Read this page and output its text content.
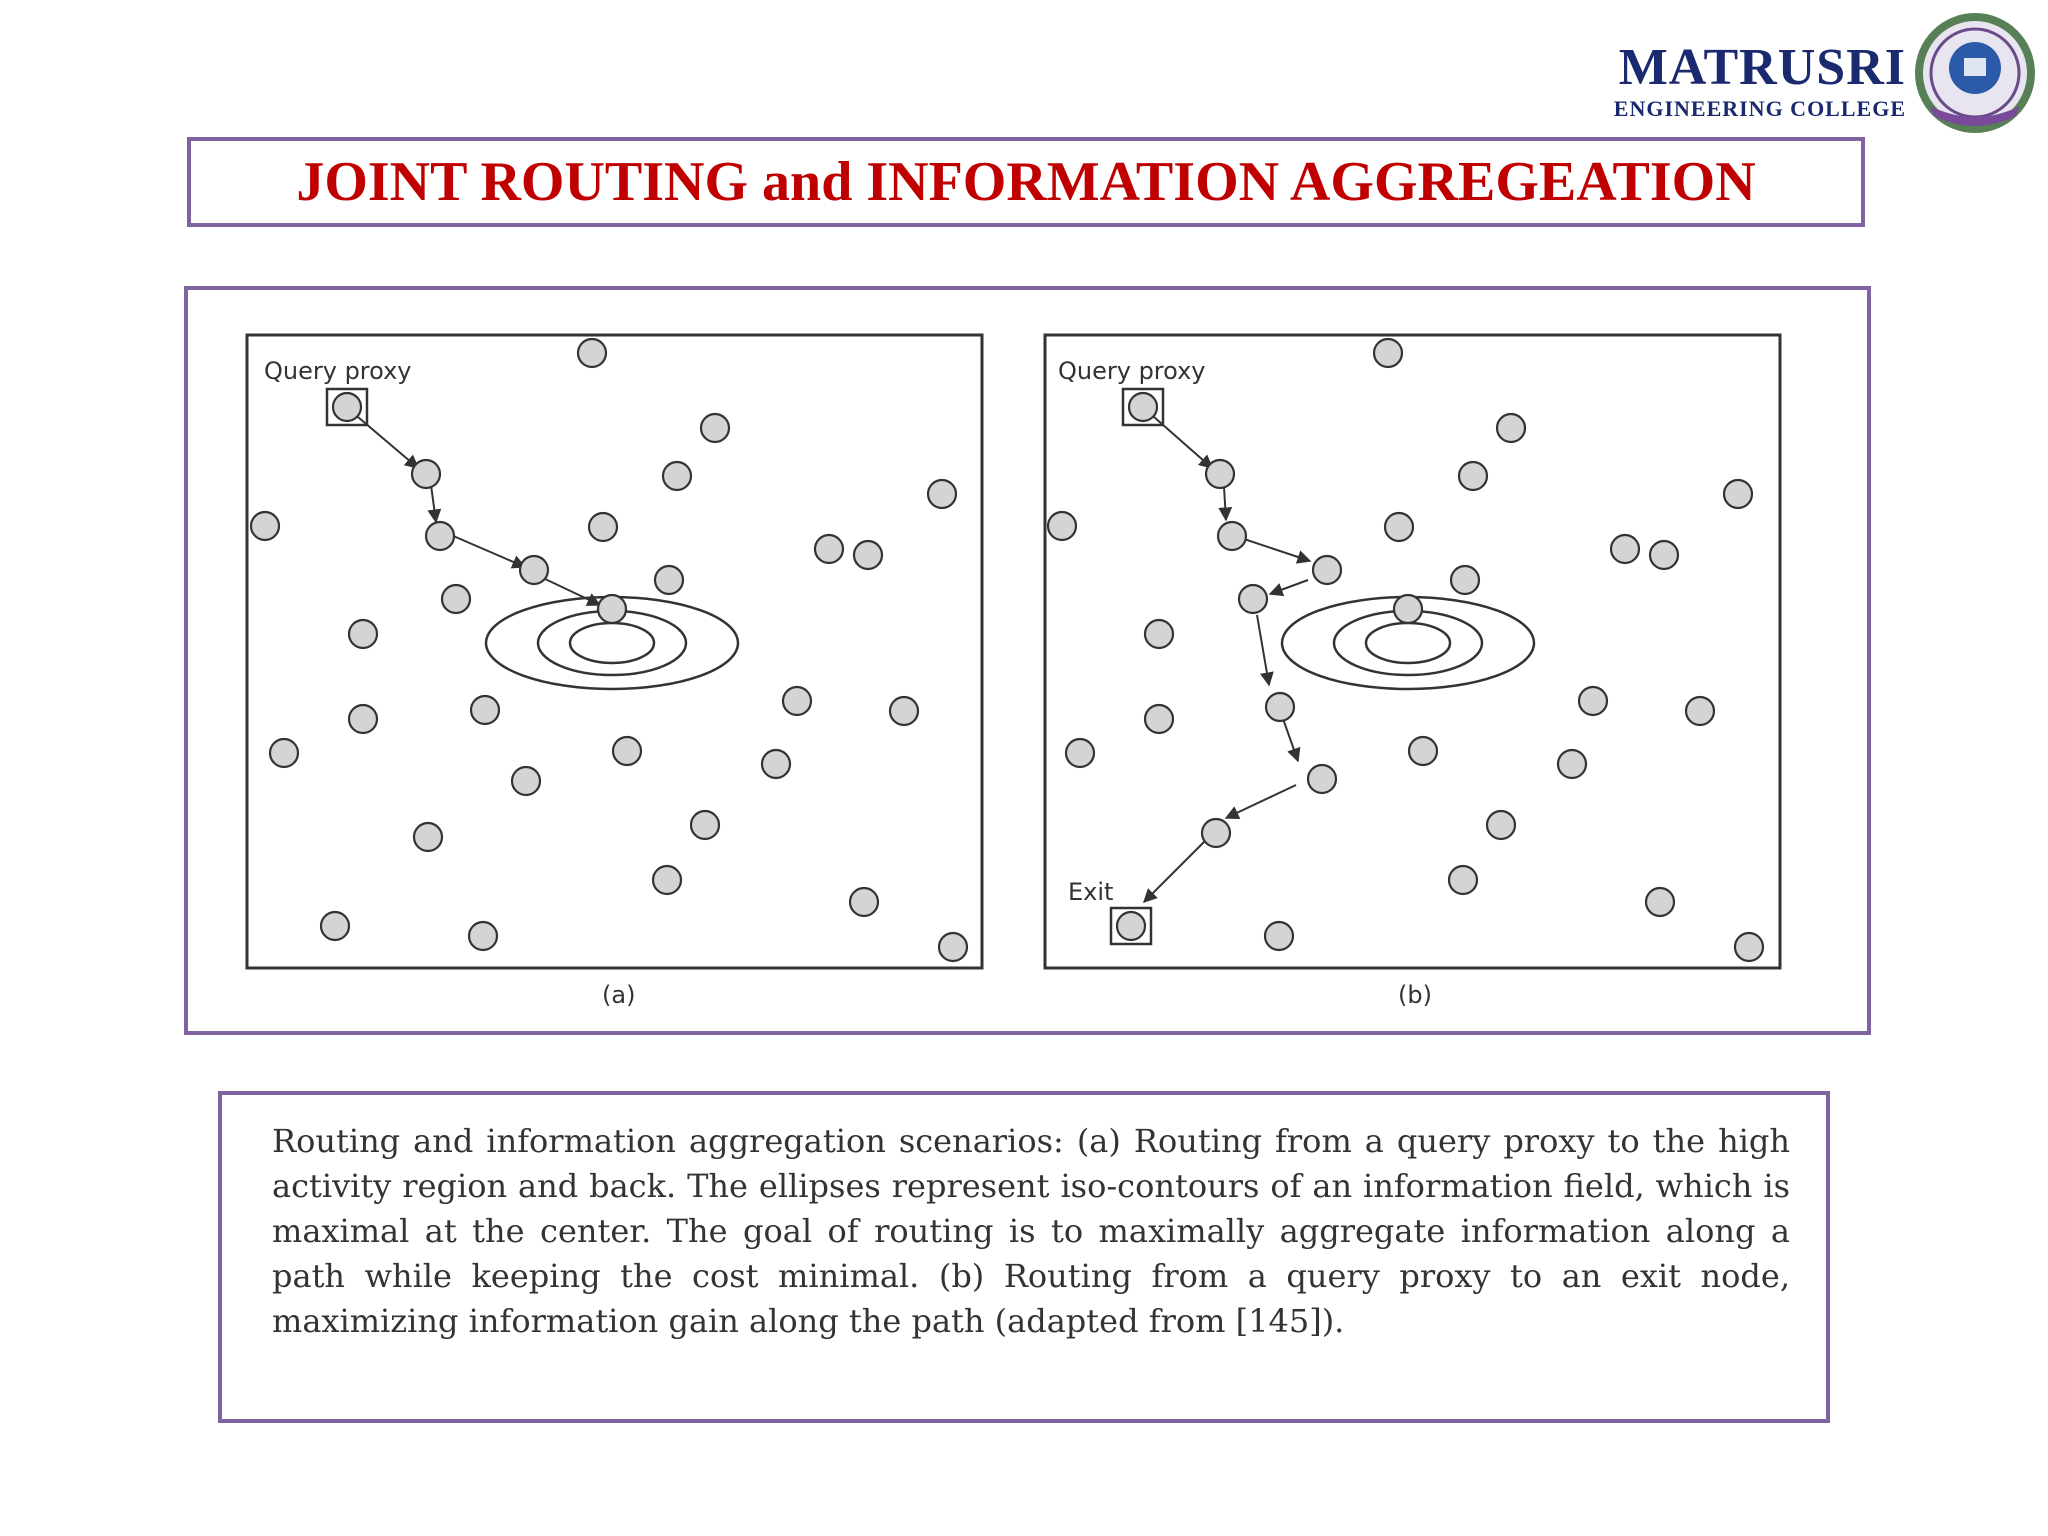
MATRUSRI
ENGINEERING COLLEGE
JOINT ROUTING and INFORMATION AGGREGEATION
Query proxy
(a)
Query proxy
Exit
(b)

Routing and information aggregation scenarios: (a) Routing from a query proxy to the high activity region and back. The ellipses represent iso-contours of an information field, which is maximal at the center. The goal of routing is to maximally aggregate information along a path while keeping the cost minimal. (b) Routing from a query proxy to an exit node, maximizing information gain along the path (adapted from [145]).
